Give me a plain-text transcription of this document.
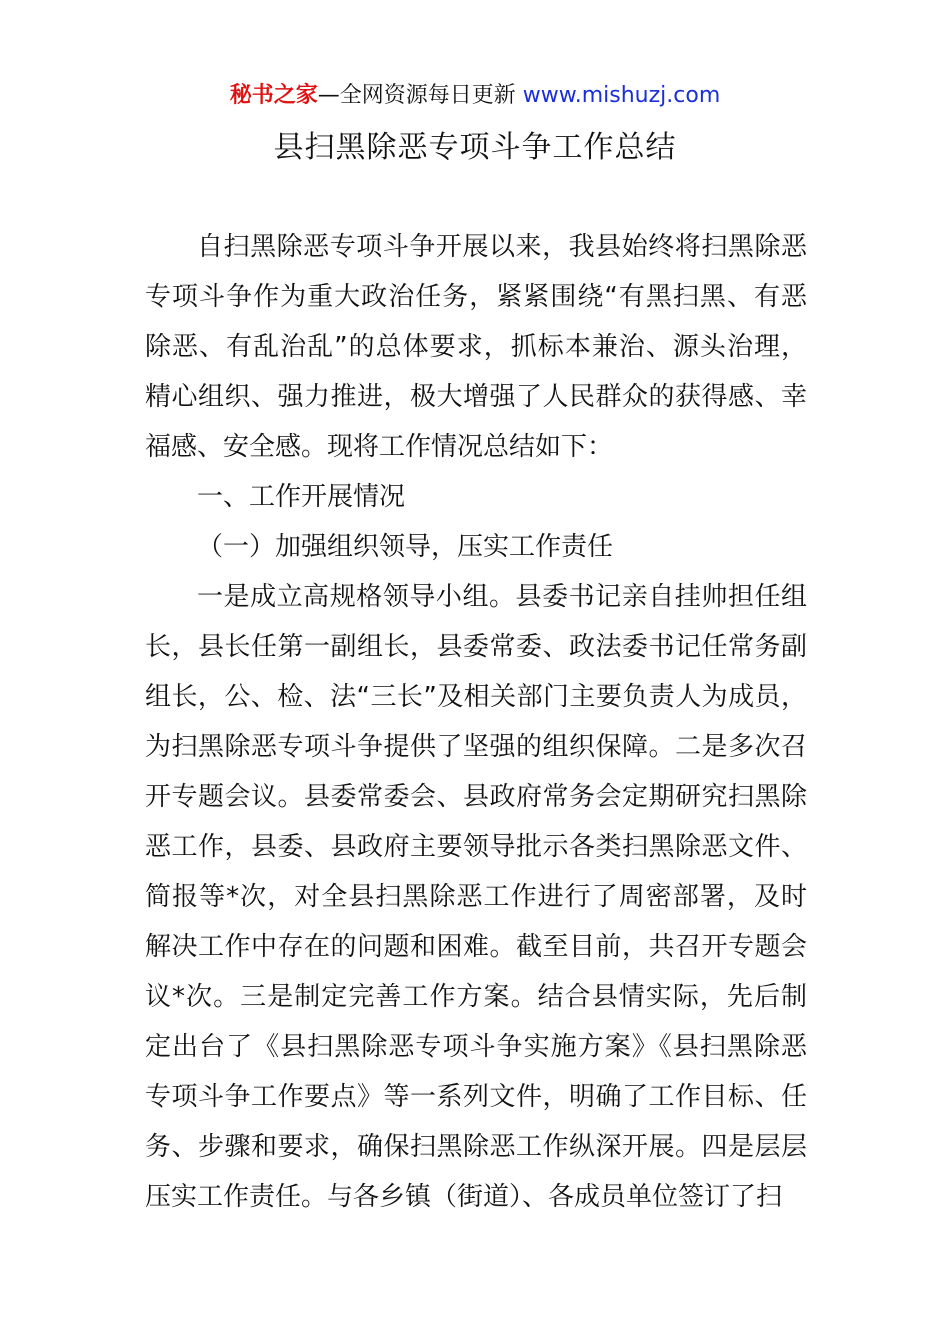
秘书之家—全网资源每日更新 www.mishuzj.com
县扫黑除恶专项斗争工作总结

自扫黑除恶专项斗争开展以来，我县始终将扫黑除恶专项斗争作为重大政治任务，紧紧围绕“有黑扫黑、有恶除恶、有乱治乱”的总体要求，抓标本兼治、源头治理，精心组织、强力推进，极大增强了人民群众的获得感、幸福感、安全感。现将工作情况总结如下：

一、工作开展情况

（一）加强组织领导，压实工作责任

一是成立高规格领导小组。县委书记亲自挂帅担任组长，县长任第一副组长，县委常委、政法委书记任常务副组长，公、检、法“三长”及相关部门主要负责人为成员，为扫黑除恶专项斗争提供了坚强的组织保障。二是多次召开专题会议。县委常委会、县政府常务会定期研究扫黑除恶工作，县委、县政府主要领导批示各类扫黑除恶文件、简报等*次，对全县扫黑除恶工作进行了周密部署，及时解决工作中存在的问题和困难。截至目前，共召开专题会议*次。三是制定完善工作方案。结合县情实际，先后制定出台了《县扫黑除恶专项斗争实施方案》《县扫黑除恶专项斗争工作要点》等一系列文件，明确了工作目标、任务、步骤和要求，确保扫黑除恶工作纵深开展。四是层层压实工作责任。与各乡镇（街道）、各成员单位签订了扫
